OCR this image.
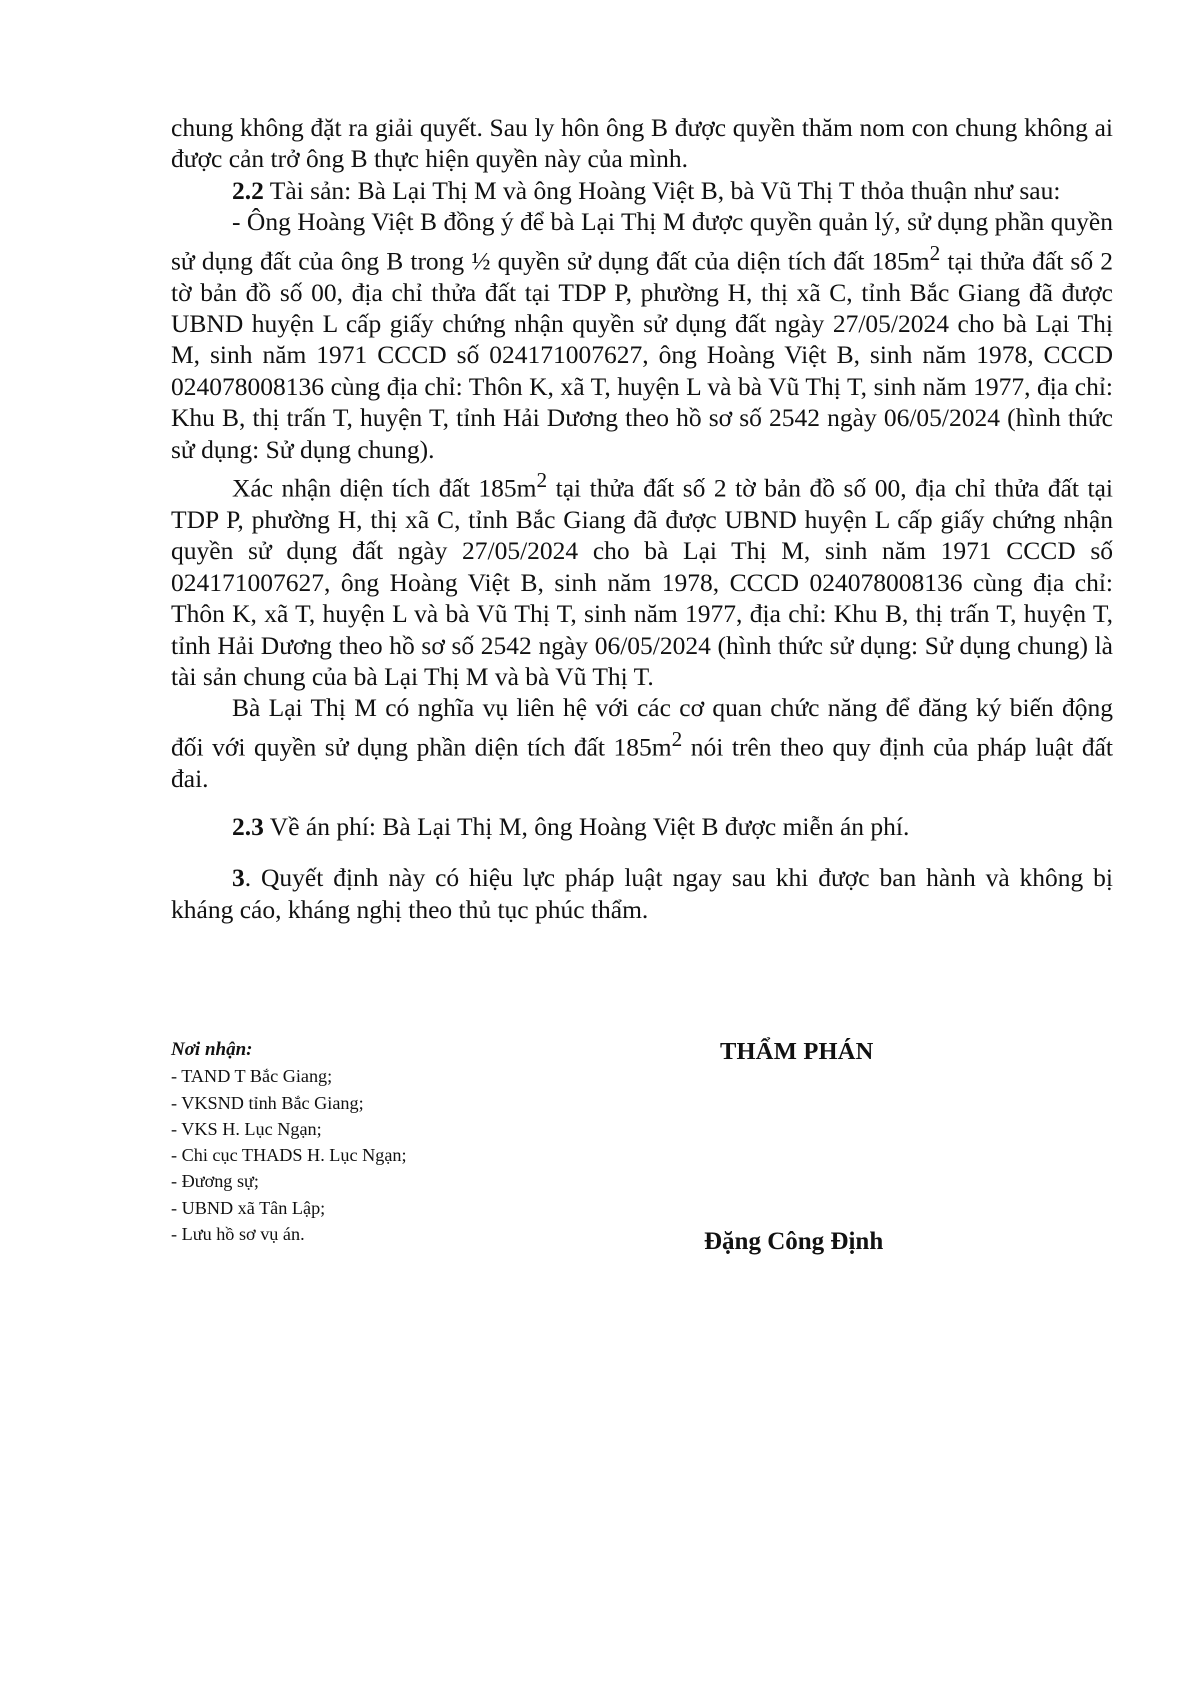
chung không đặt ra giải quyết. Sau ly hôn ông B được quyền thăm nom con chung không ai được cản trở ông B thực hiện quyền này của mình.

2.2 Tài sản: Bà Lại Thị M và ông Hoàng Việt B, bà Vũ Thị T thỏa thuận như sau:

- Ông Hoàng Việt B đồng ý để bà Lại Thị M được quyền quản lý, sử dụng phần quyền sử dụng đất của ông B trong ½ quyền sử dụng đất của diện tích đất $185m^2$ tại thửa đất số 2 tờ bản đồ số 00, địa chỉ thửa đất tại TDP P, phường H, thị xã C, tỉnh Bắc Giang đã được UBND huyện L cấp giấy chứng nhận quyền sử dụng đất ngày 27/05/2024 cho bà Lại Thị M, sinh năm 1971 CCCD số 024171007627, ông Hoàng Việt B, sinh năm 1978, CCCD 024078008136 cùng địa chỉ: Thôn K, xã T, huyện L và bà Vũ Thị T, sinh năm 1977, địa chỉ: Khu B, thị trấn T, huyện T, tỉnh Hải Dương theo hồ sơ số 2542 ngày 06/05/2024 (hình thức sử dụng: Sử dụng chung).

Xác nhận diện tích đất $185m^2$ tại thửa đất số 2 tờ bản đồ số 00, địa chỉ thửa đất tại TDP P, phường H, thị xã C, tỉnh Bắc Giang đã được UBND huyện L cấp giấy chứng nhận quyền sử dụng đất ngày 27/05/2024 cho bà Lại Thị M, sinh năm 1971 CCCD số 024171007627, ông Hoàng Việt B, sinh năm 1978, CCCD 024078008136 cùng địa chỉ: Thôn K, xã T, huyện L và bà Vũ Thị T, sinh năm 1977, địa chỉ: Khu B, thị trấn T, huyện T, tỉnh Hải Dương theo hồ sơ số 2542 ngày 06/05/2024 (hình thức sử dụng: Sử dụng chung) là tài sản chung của bà Lại Thị M và bà Vũ Thị T.

Bà Lại Thị M có nghĩa vụ liên hệ với các cơ quan chức năng để đăng ký biến động đối với quyền sử dụng phần diện tích đất $185m^2$ nói trên theo quy định của pháp luật đất đai.

2.3 Về án phí: Bà Lại Thị M, ông Hoàng Việt B được miễn án phí.

3. Quyết định này có hiệu lực pháp luật ngay sau khi được ban hành và không bị kháng cáo, kháng nghị theo thủ tục phúc thẩm.

Nơi nhận:
- TAND T Bắc Giang;
- VKSND tỉnh Bắc Giang;
- VKS H. Lục Ngạn;
- Chi cục THADS H. Lục Ngạn;
- Đương sự;
- UBND xã Tân Lập;
- Lưu hồ sơ vụ án.
THẨM PHÁN
Đặng Công Định
